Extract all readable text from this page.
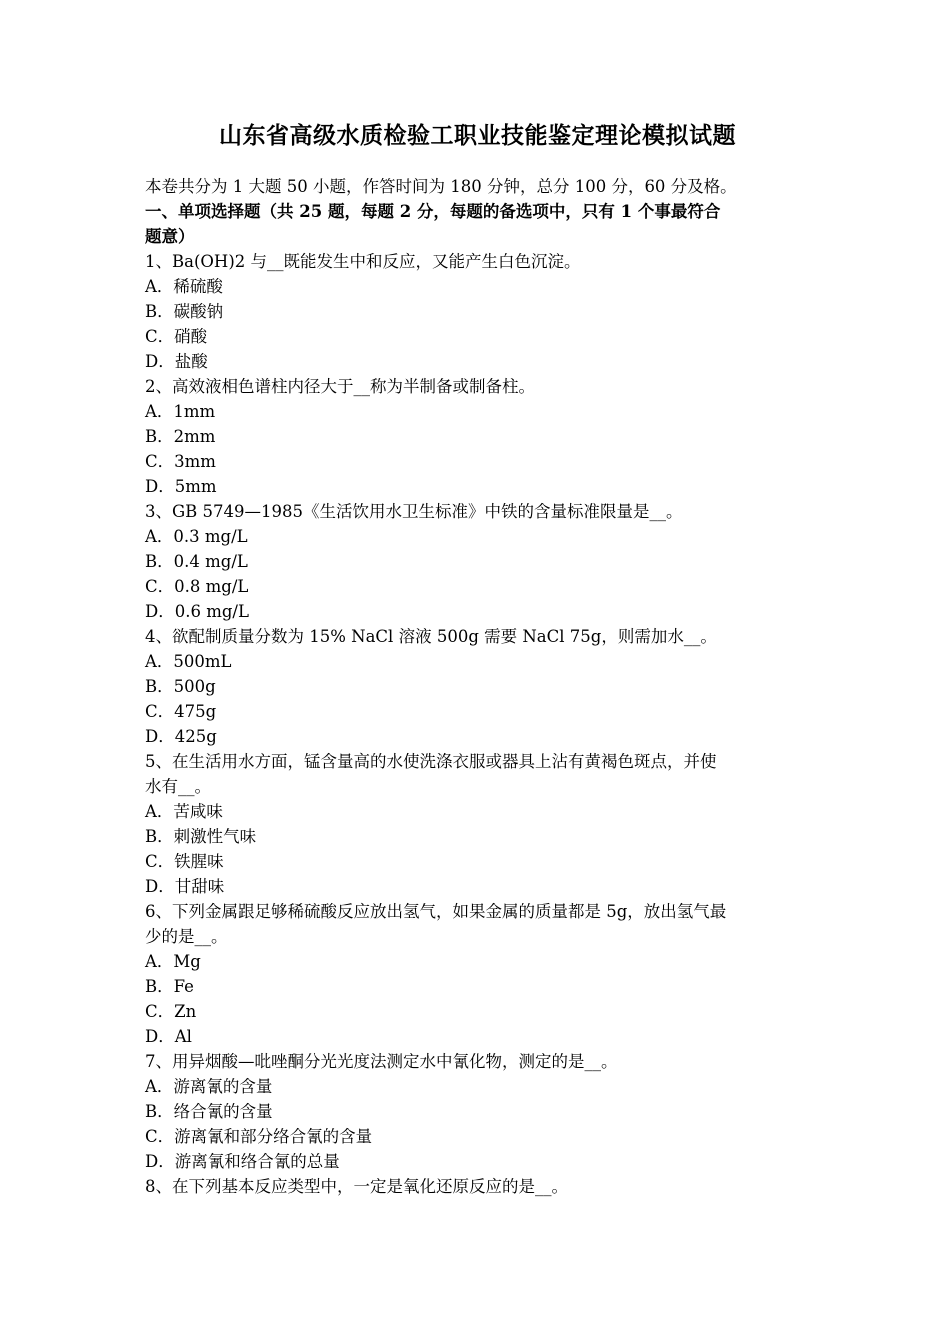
山东省高级水质检验工职业技能鉴定理论模拟试题
本卷共分为 1 大题 50 小题，作答时间为 180 分钟，总分 100 分，60 分及格。
一、单项选择题（共 25 题，每题 2 分，每题的备选项中，只有 1 个事最符合
题意）
1、Ba(OH)2 与__既能发生中和反应，又能产生白色沉淀。
A．稀硫酸
B．碳酸钠
C．硝酸
D．盐酸
2、高效液相色谱柱内径大于__称为半制备或制备柱。
A．1mm
B．2mm
C．3mm
D．5mm
3、GB 5749—1985《生活饮用水卫生标准》中铁的含量标准限量是__。
A．0.3 mg/L
B．0.4 mg/L
C．0.8 mg/L
D．0.6 mg/L
4、欲配制质量分数为 15% NaCl 溶液 500g 需要 NaCl 75g，则需加水__。
A．500mL
B．500g
C．475g
D．425g
5、在生活用水方面，锰含量高的水使洗涤衣服或器具上沾有黄褐色斑点，并使
水有__。
A．苦咸味
B．刺激性气味
C．铁腥味
D．甘甜味
6、下列金属跟足够稀硫酸反应放出氢气，如果金属的质量都是 5g，放出氢气最
少的是__。
A．Mg
B．Fe
C．Zn
D．Al
7、用异烟酸—吡唑酮分光光度法测定水中氰化物，测定的是__。
A．游离氰的含量
B．络合氰的含量
C．游离氰和部分络合氰的含量
D．游离氰和络合氰的总量
8、在下列基本反应类型中，一定是氧化还原反应的是__。
